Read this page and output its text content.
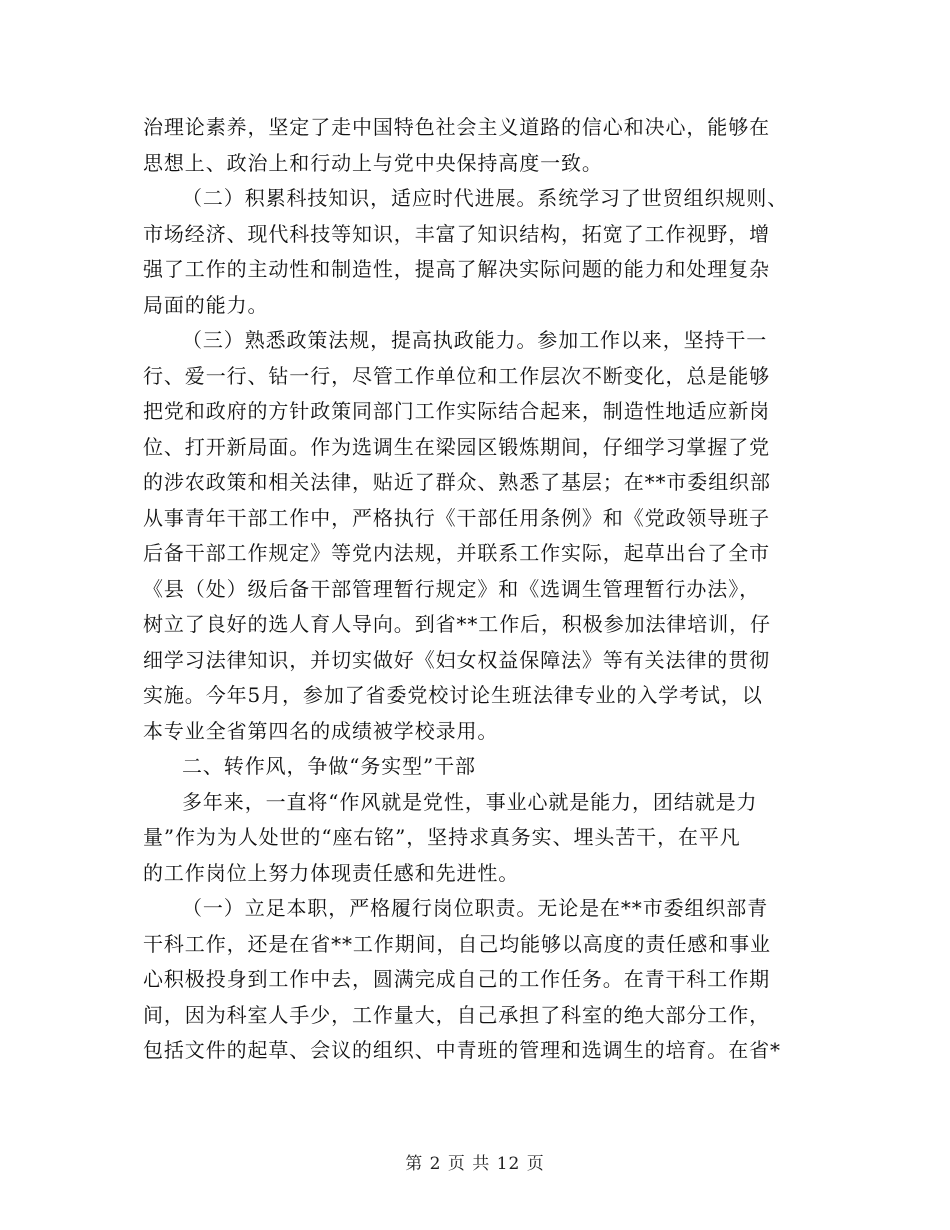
治理论素养，坚定了走中国特色社会主义道路的信心和决心，能够在
思想上、政治上和行动上与党中央保持高度一致。
（二）积累科技知识，适应时代进展。系统学习了世贸组织规则、
市场经济、现代科技等知识，丰富了知识结构，拓宽了工作视野，增
强了工作的主动性和制造性，提高了解决实际问题的能力和处理复杂
局面的能力。
（三）熟悉政策法规，提高执政能力。参加工作以来，坚持干一
行、爱一行、钻一行，尽管工作单位和工作层次不断变化，总是能够
把党和政府的方针政策同部门工作实际结合起来，制造性地适应新岗
位、打开新局面。作为选调生在梁园区锻炼期间，仔细学习掌握了党
的涉农政策和相关法律，贴近了群众、熟悉了基层；在**市委组织部
从事青年干部工作中，严格执行《干部任用条例》和《党政领导班子
后备干部工作规定》等党内法规，并联系工作实际，起草出台了全市
《县（处）级后备干部管理暂行规定》和《选调生管理暂行办法》，
树立了良好的选人育人导向。到省**工作后，积极参加法律培训，仔
细学习法律知识，并切实做好《妇女权益保障法》等有关法律的贯彻
实施。今年5月，参加了省委党校讨论生班法律专业的入学考试，以
本专业全省第四名的成绩被学校录用。
二、转作风，争做“务实型”干部
多年来，一直将“作风就是党性，事业心就是能力，团结就是力
量”作为为人处世的“座右铭”，坚持求真务实、埋头苦干，在平凡
的工作岗位上努力体现责任感和先进性。
（一）立足本职，严格履行岗位职责。无论是在**市委组织部青
干科工作，还是在省**工作期间，自己均能够以高度的责任感和事业
心积极投身到工作中去，圆满完成自己的工作任务。在青干科工作期
间，因为科室人手少，工作量大，自己承担了科室的绝大部分工作，
包括文件的起草、会议的组织、中青班的管理和选调生的培育。在省*
第 2 页 共 12 页
